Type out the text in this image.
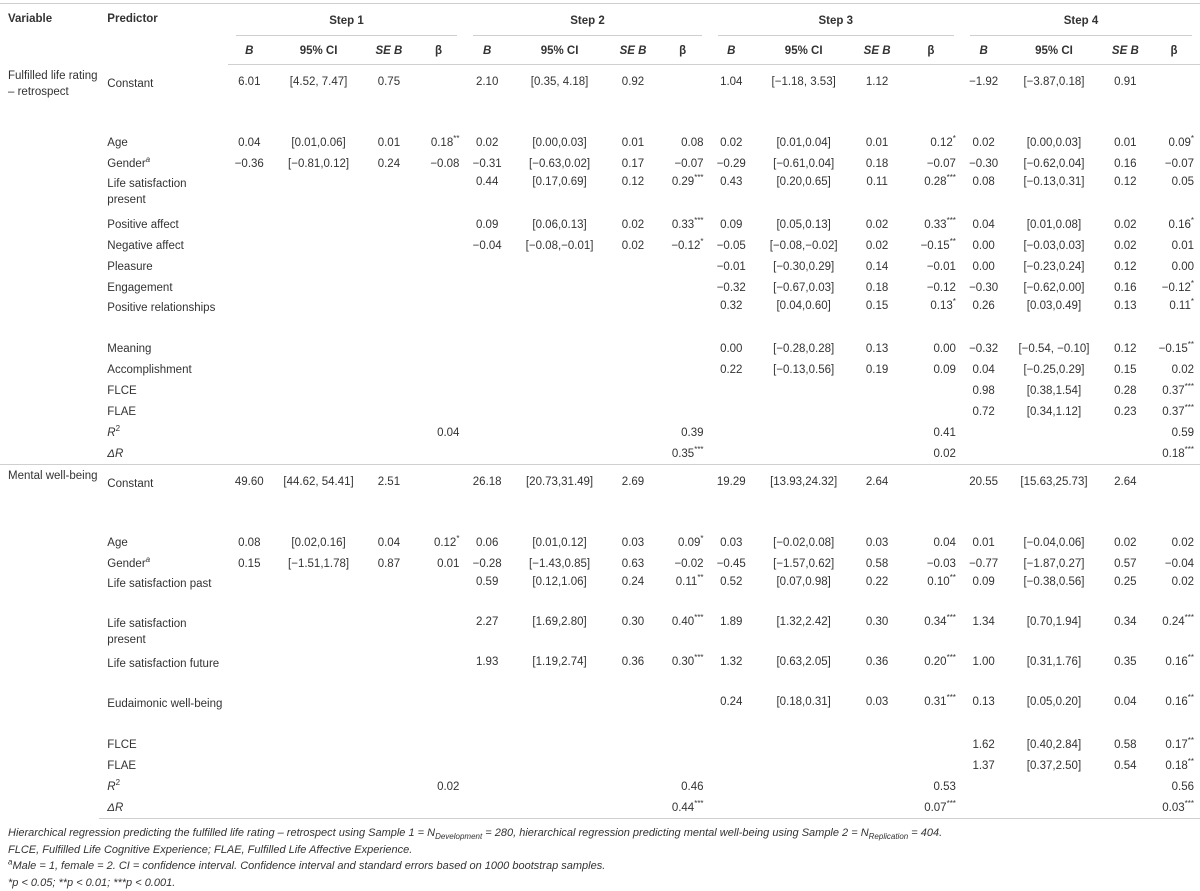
Variable	Predictor	Step 1				Step 2				Step 3				Step 4			

		B	95% CI	SE B	β	B	95% CI	SE B	β	B	95% CI	SE B	β	B	95% CI	SE B	β
Fulfilled life rating – retrospect	Constant	6.01	[4.52, 7.47]	0.75		2.10	[0.35, 4.18]	0.92		1.04	[−1.18, 3.53]	1.12		−1.92	[−3.87,0.18]	0.91	
	Age	0.04	[0.01,0.06]	0.01	0.18**	0.02	[0.00,0.03]	0.01	0.08	0.02	[0.01,0.04]	0.01	0.12*	0.02	[0.00,0.03]	0.01	0.09*
	Gender$^a$	−0.36	[−0.81,0.12]	0.24	−0.08	−0.31	[−0.63,0.02]	0.17	−0.07	−0.29	[−0.61,0.04]	0.18	−0.07	−0.30	[−0.62,0.04]	0.16	−0.07
	Life satisfaction present					0.44	[0.17,0.69]	0.12	0.29***	0.43	[0.20,0.65]	0.11	0.28***	0.08	[−0.13,0.31]	0.12	0.05
	Positive affect					0.09	[0.06,0.13]	0.02	0.33***	0.09	[0.05,0.13]	0.02	0.33***	0.04	[0.01,0.08]	0.02	0.16*
	Negative affect					−0.04	[−0.08,−0.01]	0.02	−0.12*	−0.05	[−0.08,−0.02]	0.02	−0.15**	0.00	[−0.03,0.03]	0.02	0.01
	Pleasure									−0.01	[−0.30,0.29]	0.14	−0.01	0.00	[−0.23,0.24]	0.12	0.00
	Engagement									−0.32	[−0.67,0.03]	0.18	−0.12	−0.30	[−0.62,0.00]	0.16	−0.12*
	Positive relationships									0.32	[0.04,0.60]	0.15	0.13*	0.26	[0.03,0.49]	0.13	0.11*
	Meaning									0.00	[−0.28,0.28]	0.13	0.00	−0.32	[−0.54, −0.10]	0.12	−0.15**
	Accomplishment									0.22	[−0.13,0.56]	0.19	0.09	0.04	[−0.25,0.29]	0.15	0.02
	FLCE													0.98	[0.38,1.54]	0.28	0.37***
	FLAE													0.72	[0.34,1.12]	0.23	0.37***
	$R^2$				0.04				0.39				0.41				0.59
	ΔR								0.35***				0.02				0.18***
Mental well-being	Constant	49.60	[44.62, 54.41]	2.51		26.18	[20.73,31.49]	2.69		19.29	[13.93,24.32]	2.64		20.55	[15.63,25.73]	2.64	
	Age	0.08	[0.02,0.16]	0.04	0.12*	0.06	[0.01,0.12]	0.03	0.09*	0.03	[−0.02,0.08]	0.03	0.04	0.01	[−0.04,0.06]	0.02	0.02
	Gender$^a$	0.15	[−1.51,1.78]	0.87	0.01	−0.28	[−1.43,0.85]	0.63	−0.02	−0.45	[−1.57,0.62]	0.58	−0.03	−0.77	[−1.87,0.27]	0.57	−0.04
	Life satisfaction past					0.59	[0.12,1.06]	0.24	0.11**	0.52	[0.07,0.98]	0.22	0.10**	0.09	[−0.38,0.56]	0.25	0.02
	Life satisfaction present					2.27	[1.69,2.80]	0.30	0.40***	1.89	[1.32,2.42]	0.30	0.34***	1.34	[0.70,1.94]	0.34	0.24***
	Life satisfaction future					1.93	[1.19,2.74]	0.36	0.30***	1.32	[0.63,2.05]	0.36	0.20***	1.00	[0.31,1.76]	0.35	0.16**
	Eudaimonic well-being									0.24	[0.18,0.31]	0.03	0.31***	0.13	[0.05,0.20]	0.04	0.16**
	FLCE													1.62	[0.40,2.84]	0.58	0.17**
	FLAE													1.37	[0.37,2.50]	0.54	0.18**
	$R^2$				0.02				0.46				0.53				0.56
	ΔR								0.44***				0.07***				0.03***

Hierarchical regression predicting the fulfilled life rating – retrospect using Sample $1 = N_{Development} = 280$, hierarchical regression predicting mental well-being using Sample $2 = N_{Replication} = 404$.

FLCE, Fulfilled Life Cognitive Experience; FLAE, Fulfilled Life Affective Experience.

$^a$Male = 1, female = 2. CI = confidence interval. Confidence interval and standard errors based on 1000 bootstrap samples.

*p < 0.05; **p < 0.01; ***p < 0.001.
